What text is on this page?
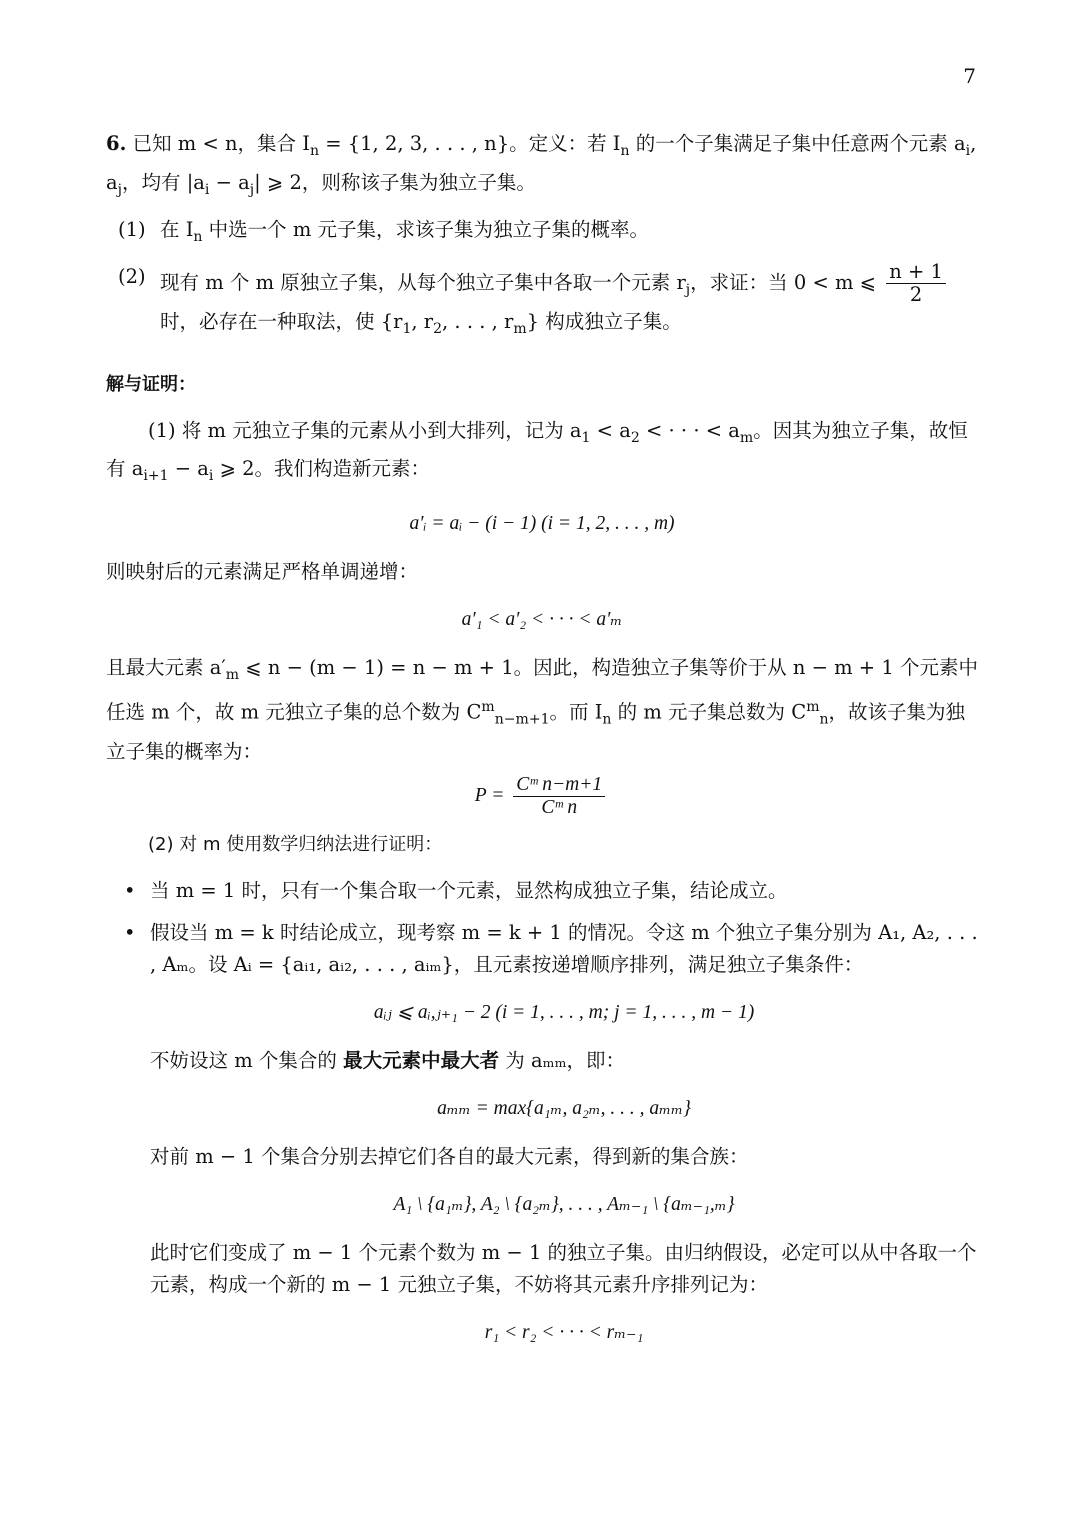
7

6. 已知 m < n，集合 $I_n = \{1$, 2, 3, . . . , n}。定义：若 $I_n$ 的一个子集满足子集中任意两个元素 $a_i$, $a_j$，均有 $|a_i - a_j|$ ⩾ 2，则称该子集为独立子集。

(1) 在 $I_n$ 中选一个 m 元子集，求该子集为独立子集的概率。
(2) 现有 m 个 m 原独立子集，从每个独立子集中各取一个元素 $r_j$，求证：当 0 < m ⩽ $\frac{n + 1}{2}$
时，必存在一种取法，使 {$r_1$, $r_2$, . . . , $r_m$} 构成独立子集。

解与证明：

(1) 将 m 元独立子集的元素从小到大排列，记为 $a_1 < a_2$ < · · · < $a_m$。因其为独立子集，故恒有 $a_{i+1} - a_i$ ⩾ 2。我们构造新元素：

a′ᵢ = aᵢ − (i − 1) (i = 1, 2, . . . , m)

则映射后的元素满足严格单调递增：

a′₁ < a′₂ < · · · < a′ₘ

且最大元素 $a'_m$ ⩽ n − (m − 1) = n − m + 1。因此，构造独立子集等价于从 n − m + 1 个元素中任选 m 个，故 m 元独立子集的总个数为 $C^m_{n-m+1}$。而 $I_n$ 的 m 元子集总数为 $C^m_n$，故该子集为独立子集的概率为：

$P = \frac{\text{Cᵐ n−m+1}}{\text{Cᵐ n}}$

(2) 对 m 使用数学归纳法进行证明：

• 当 m = 1 时，只有一个集合取一个元素，显然构成独立子集，结论成立。
• 假设当 m = k 时结论成立，现考察 m = k + 1 的情况。令这 m 个独立子集分别为 A₁, A₂, . . . , Aₘ。设 Aᵢ = {aᵢ₁, aᵢ₂, . . . , aᵢₘ}，且元素按递增顺序排列，满足独立子集条件：

aᵢⱼ ⩽ aᵢ,ⱼ₊₁ − 2 (i = 1, . . . , m; j = 1, . . . , m − 1)

不妨设这 m 个集合的 最大元素中最大者 为 aₘₘ，即：

aₘₘ = max{a₁ₘ, a₂ₘ, . . . , aₘₘ}

对前 m − 1 个集合分别去掉它们各自的最大元素，得到新的集合族：

A₁ \ {a₁ₘ}, A₂ \ {a₂ₘ}, . . . , Aₘ₋₁ \ {aₘ₋₁,ₘ}

此时它们变成了 m − 1 个元素个数为 m − 1 的独立子集。由归纳假设，必定可以从中各取一个元素，构成一个新的 m − 1 元独立子集，不妨将其元素升序排列记为：

r₁ < r₂ < · · · < rₘ₋₁
